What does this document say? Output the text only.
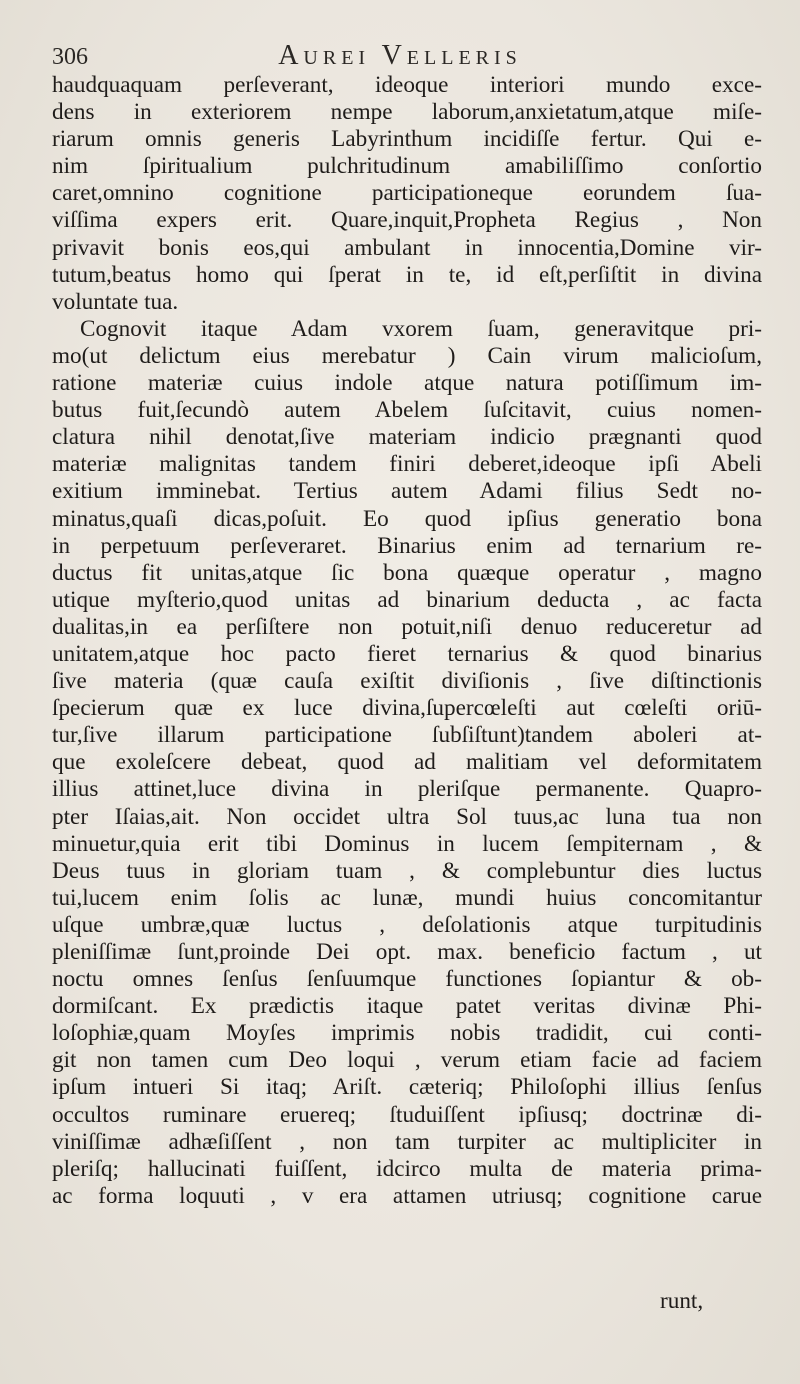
306	Aurei Velleris
haudquaquam perſeverant, ideoque interiori mundo exce-
dens in exteriorem nempe laborum,anxietatum,atque miſe-
riarum omnis generis Labyrinthum incidiſſe fertur. Qui e-
nim ſpiritualium pulchritudinum amabiliſſimo conſortio
caret,omnino cognitione participationeque eorundem ſua-
viſſima expers erit. Quare,inquit,Propheta Regius , Non
privavit bonis eos,qui ambulant in innocentia,Domine vir-
tutum,beatus homo qui ſperat in te, id eſt,perſiſtit in divina
voluntate tua.
Cognovit itaque Adam vxorem ſuam, generavitque pri-
mo(ut delictum eius merebatur ) Cain virum malicioſum,
ratione materiæ cuius indole atque natura potiſſimum im-
butus fuit,ſecundò autem Abelem ſuſcitavit, cuius nomen-
clatura nihil denotat,ſive materiam indicio prægnanti quod
materiæ malignitas tandem finiri deberet,ideoque ipſi Abeli
exitium imminebat. Tertius autem Adami filius Sedt no-
minatus,quaſi dicas,poſuit. Eo quod ipſius generatio bona
in perpetuum perſeveraret. Binarius enim ad ternarium re-
ductus fit unitas,atque ſic bona quæque operatur , magno
utique myſterio,quod unitas ad binarium deducta , ac facta
dualitas,in ea perſiſtere non potuit,niſi denuo reduceretur ad
unitatem,atque hoc pacto fieret ternarius & quod binarius
ſive materia (quæ cauſa exiſtit diviſionis , ſive diſtinctionis
ſpecierum quæ ex luce divina,ſupercœleſti aut cœleſti oriū-
tur,ſive illarum participatione ſubſiſtunt)tandem aboleri at-
que exoleſcere debeat, quod ad malitiam vel deformitatem
illius attinet,luce divina in pleriſque permanente. Quapro-
pter Iſaias,ait. Non occidet ultra Sol tuus,ac luna tua non
minuetur,quia erit tibi Dominus in lucem ſempiternam , &
Deus tuus in gloriam tuam , & complebuntur dies luctus
tui,lucem enim ſolis ac lunæ, mundi huius concomitantur
uſque umbræ,quæ luctus , deſolationis atque turpitudinis
pleniſſimæ ſunt,proinde Dei opt. max. beneficio factum , ut
noctu omnes ſenſus ſenſuumque functiones ſopiantur & ob-
dormiſcant. Ex prædictis itaque patet veritas divinæ Phi-
loſophiæ,quam Moyſes imprimis nobis tradidit, cui conti-
git non tamen cum Deo loqui , verum etiam facie ad faciem
ipſum intueri Si itaq; Ariſt. cæteriq; Philoſophi illius ſenſus
occultos ruminare eruereq; ſtuduiſſent ipſiusq; doctrinæ di-
viniſſimæ adhæſiſſent , non tam turpiter ac multipliciter in
pleriſq; hallucinati fuiſſent, idcirco multa de materia prima-
ac forma loquuti , v era attamen utriusq; cognitione carue
runt,
